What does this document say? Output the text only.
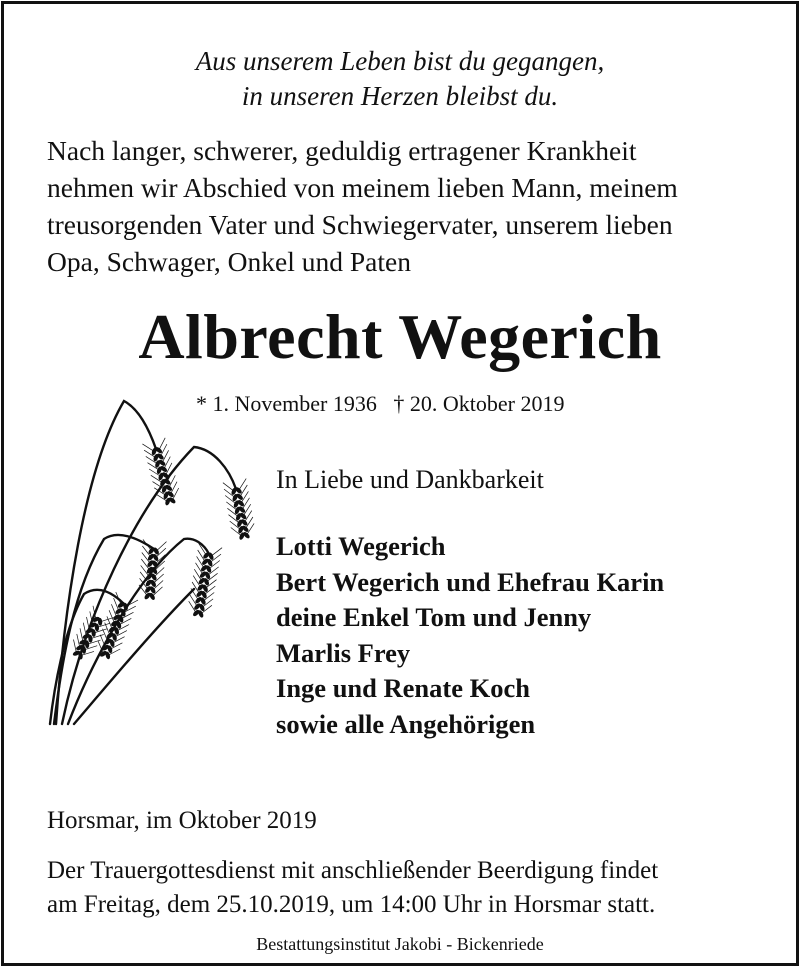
Aus unserem Leben bist du gegangen,
in unseren Herzen bleibst du.
Nach langer, schwerer, geduldig ertragener Krankheit
nehmen wir Abschied von meinem lieben Mann, meinem
treusorgenden Vater und Schwiegervater, unserem lieben
Opa, Schwager, Onkel und Paten
Albrecht Wegerich
* 1. November 1936 † 20. Oktober 2019
In Liebe und Dankbarkeit
Lotti Wegerich
Bert Wegerich und Ehefrau Karin
deine Enkel Tom und Jenny
Marlis Frey
Inge und Renate Koch
sowie alle Angehörigen
Horsmar, im Oktober 2019
Der Trauergottesdienst mit anschließender Beerdigung findet
am Freitag, dem 25.10.2019, um 14:00 Uhr in Horsmar statt.
Bestattungsinstitut Jakobi - Bickenriede
